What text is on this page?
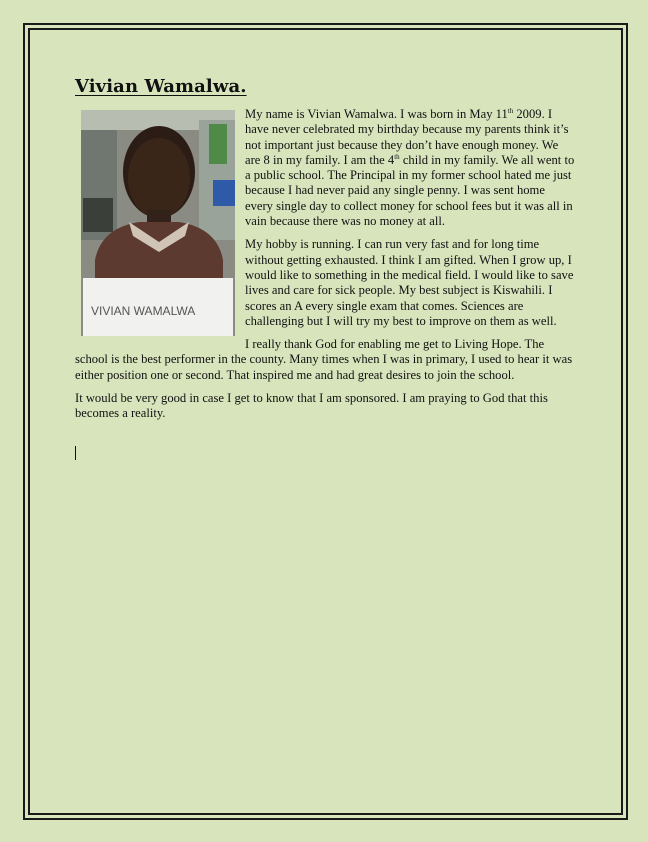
Vivian Wamalwa.
VIVIAN WAMALWA

My name is Vivian Wamalwa. I was born in May 11th 2009. I have never celebrated my birthday because my parents think it’s not important just because they don’t have enough money. We are 8 in my family. I am the 4th child in my family. We all went to a public school. The Principal in my former school hated me just because I had never paid any single penny. I was sent home every single day to collect money for school fees but it was all in vain because there was no money at all.

My hobby is running. I can run very fast and for long time without getting exhausted. I think I am gifted. When I grow up, I would like to something in the medical field. I would like to save lives and care for sick people. My best subject is Kiswahili. I scores an A every single exam that comes. Sciences are challenging but I will try my best to improve on them as well.

I really thank God for enabling me get to Living Hope. The school is the best performer in the county. Many times when I was in primary, I used to hear it was either position one or second. That inspired me and had great desires to join the school.

It would be very good in case I get to know that I am sponsored. I am praying to God that this becomes a reality.
